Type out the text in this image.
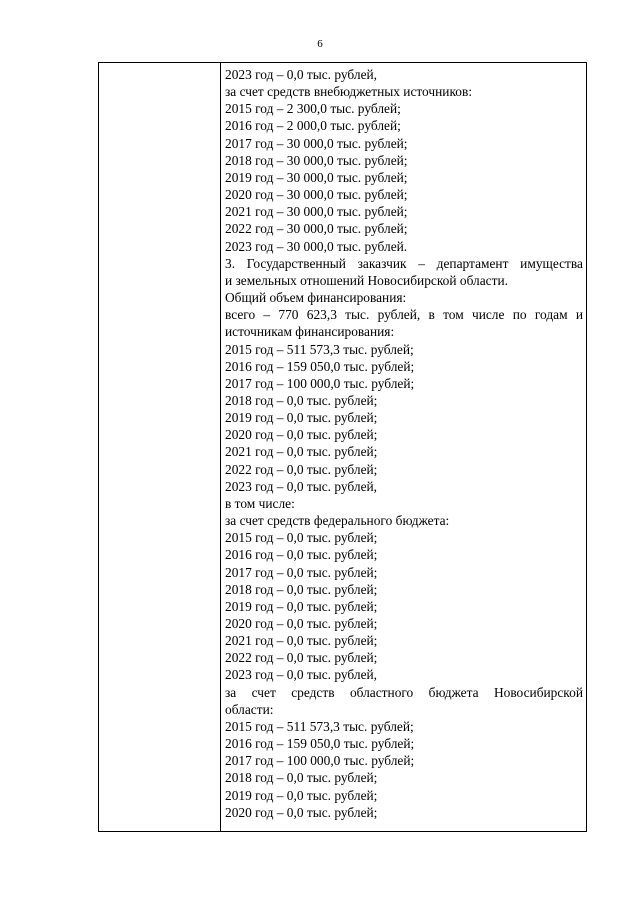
6
2023 год – 0,0 тыс. рублей,
за счет средств внебюджетных источников:
2015 год – 2 300,0 тыс. рублей;
2016 год – 2 000,0 тыс. рублей;
2017 год – 30 000,0 тыс. рублей;
2018 год – 30 000,0 тыс. рублей;
2019 год – 30 000,0 тыс. рублей;
2020 год – 30 000,0 тыс. рублей;
2021 год – 30 000,0 тыс. рублей;
2022 год – 30 000,0 тыс. рублей;
2023 год – 30 000,0 тыс. рублей.
3. Государственный заказчик – департамент имущества
и земельных отношений Новосибирской области.
Общий объем финансирования:
всего – 770 623,3 тыс. рублей, в том числе по годам и
источникам финансирования:
2015 год – 511 573,3 тыс. рублей;
2016 год – 159 050,0 тыс. рублей;
2017 год – 100 000,0 тыс. рублей;
2018 год – 0,0 тыс. рублей;
2019 год – 0,0 тыс. рублей;
2020 год – 0,0 тыс. рублей;
2021 год – 0,0 тыс. рублей;
2022 год – 0,0 тыс. рублей;
2023 год – 0,0 тыс. рублей,
в том числе:
за счет средств федерального бюджета:
2015 год – 0,0 тыс. рублей;
2016 год – 0,0 тыс. рублей;
2017 год – 0,0 тыс. рублей;
2018 год – 0,0 тыс. рублей;
2019 год – 0,0 тыс. рублей;
2020 год – 0,0 тыс. рублей;
2021 год – 0,0 тыс. рублей;
2022 год – 0,0 тыс. рублей;
2023 год – 0,0 тыс. рублей,
за счет средств областного бюджета Новосибирской
области:
2015 год – 511 573,3 тыс. рублей;
2016 год – 159 050,0 тыс. рублей;
2017 год – 100 000,0 тыс. рублей;
2018 год – 0,0 тыс. рублей;
2019 год – 0,0 тыс. рублей;
2020 год – 0,0 тыс. рублей;
